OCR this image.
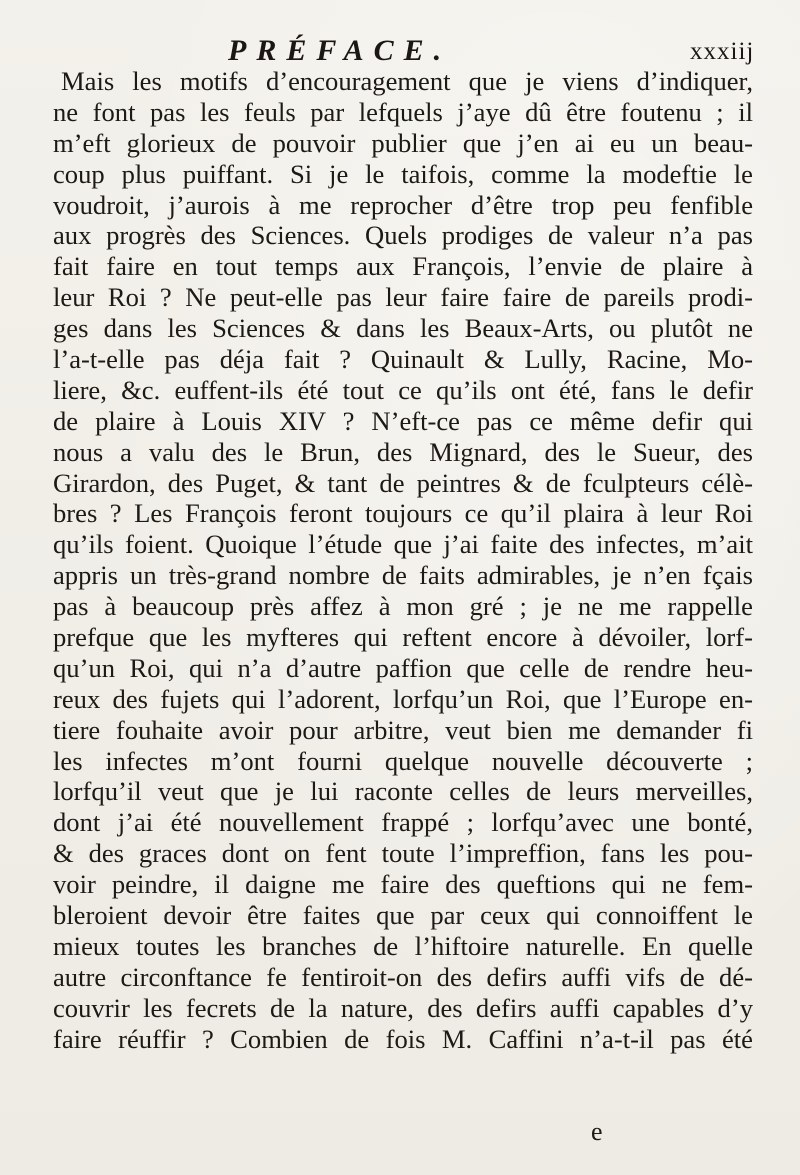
PRÉFACE.	xxxiij
Mais les motifs d’encouragement que je viens d’indiquer,
ne font pas les feuls par lefquels j’aye dû être foutenu ; il
m’eft glorieux de pouvoir publier que j’en ai eu un beau-
coup plus puiffant. Si je le taifois, comme la modeftie le
voudroit, j’aurois à me reprocher d’être trop peu fenfible
aux progrès des Sciences. Quels prodiges de valeur n’a pas
fait faire en tout temps aux François, l’envie de plaire à
leur Roi ? Ne peut-elle pas leur faire faire de pareils prodi-
ges dans les Sciences & dans les Beaux-Arts, ou plutôt ne
l’a-t-elle pas déja fait ? Quinault & Lully, Racine, Mo-
liere, &c. euffent-ils été tout ce qu’ils ont été, fans le defir
de plaire à Louis XIV ? N’eft-ce pas ce même defir qui
nous a valu des le Brun, des Mignard, des le Sueur, des
Girardon, des Puget, & tant de peintres & de fculpteurs célè-
bres ? Les François feront toujours ce qu’il plaira à leur Roi
qu’ils foient. Quoique l’étude que j’ai faite des infectes, m’ait
appris un très-grand nombre de faits admirables, je n’en fçais
pas à beaucoup près affez à mon gré ; je ne me rappelle
prefque que les myfteres qui reftent encore à dévoiler, lorf-
qu’un Roi, qui n’a d’autre paffion que celle de rendre heu-
reux des fujets qui l’adorent, lorfqu’un Roi, que l’Europe en-
tiere fouhaite avoir pour arbitre, veut bien me demander fi
les infectes m’ont fourni quelque nouvelle découverte ;
lorfqu’il veut que je lui raconte celles de leurs merveilles,
dont j’ai été nouvellement frappé ; lorfqu’avec une bonté,
& des graces dont on fent toute l’impreffion, fans les pou-
voir peindre, il daigne me faire des queftions qui ne fem-
bleroient devoir être faites que par ceux qui connoiffent le
mieux toutes les branches de l’hiftoire naturelle. En quelle
autre circonftance fe fentiroit-on des defirs auffi vifs de dé-
couvrir les fecrets de la nature, des defirs auffi capables d’y
faire réuffir ? Combien de fois M. Caffini n’a-t-il pas été
e
